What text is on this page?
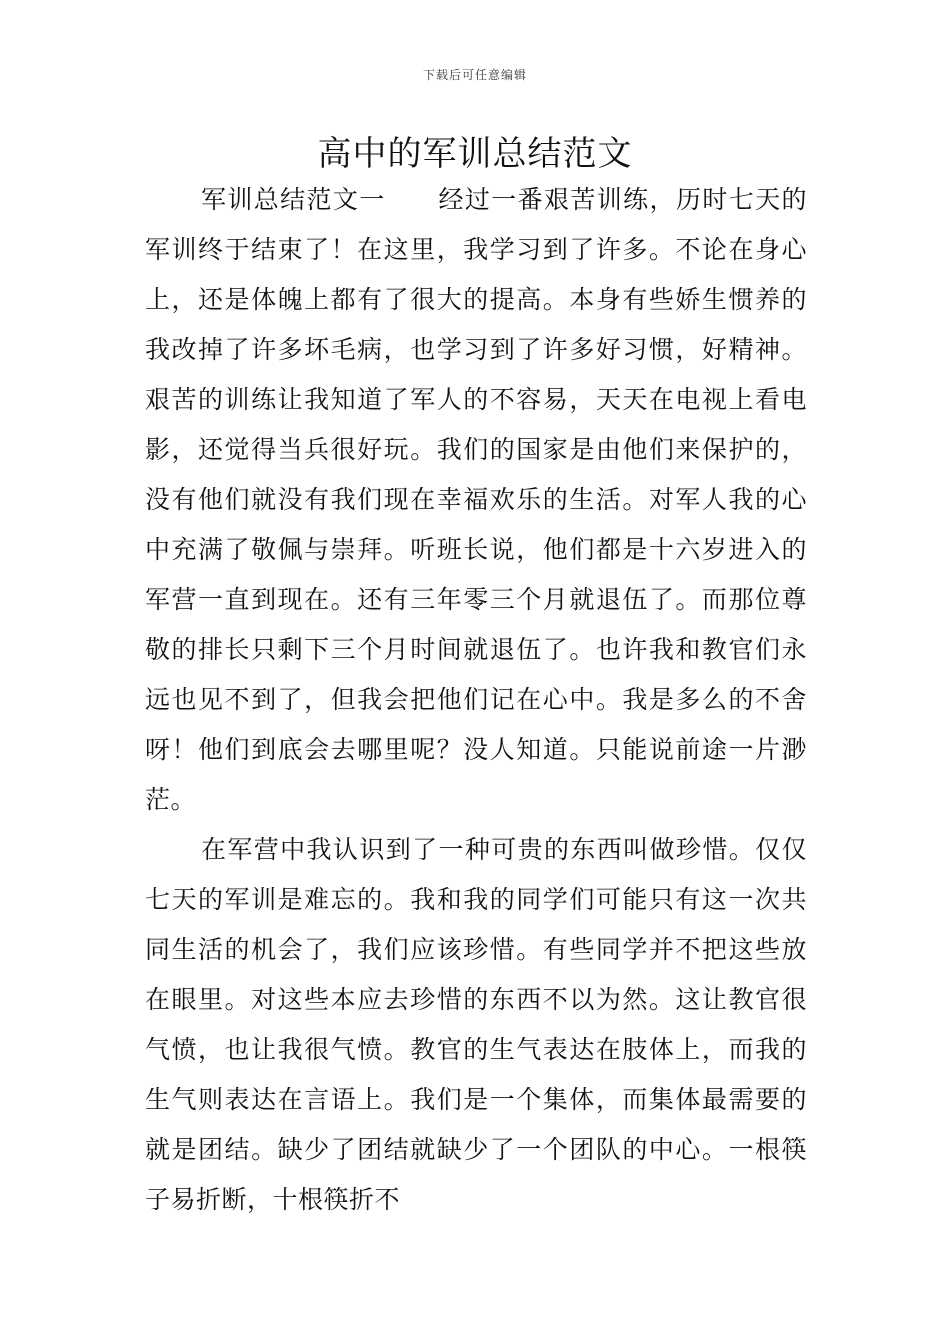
下载后可任意编辑
高中的军训总结范文
军训总结范文一　　经过一番艰苦训练，历时七天的
军训终于结束了！在这里，我学习到了许多。不论在身心
上，还是体魄上都有了很大的提高。本身有些娇生惯养的
我改掉了许多坏毛病，也学习到了许多好习惯，好精神。
艰苦的训练让我知道了军人的不容易，天天在电视上看电
影，还觉得当兵很好玩。我们的国家是由他们来保护的，
没有他们就没有我们现在幸福欢乐的生活。对军人我的心
中充满了敬佩与崇拜。听班长说，他们都是十六岁进入的
军营一直到现在。还有三年零三个月就退伍了。而那位尊
敬的排长只剩下三个月时间就退伍了。也许我和教官们永
远也见不到了，但我会把他们记在心中。我是多么的不舍
呀！他们到底会去哪里呢？没人知道。只能说前途一片渺
茫。
在军营中我认识到了一种可贵的东西叫做珍惜。仅仅
七天的军训是难忘的。我和我的同学们可能只有这一次共
同生活的机会了，我们应该珍惜。有些同学并不把这些放
在眼里。对这些本应去珍惜的东西不以为然。这让教官很
气愤，也让我很气愤。教官的生气表达在肢体上，而我的
生气则表达在言语上。我们是一个集体，而集体最需要的
就是团结。缺少了团结就缺少了一个团队的中心。一根筷
子易折断，十根筷折不
